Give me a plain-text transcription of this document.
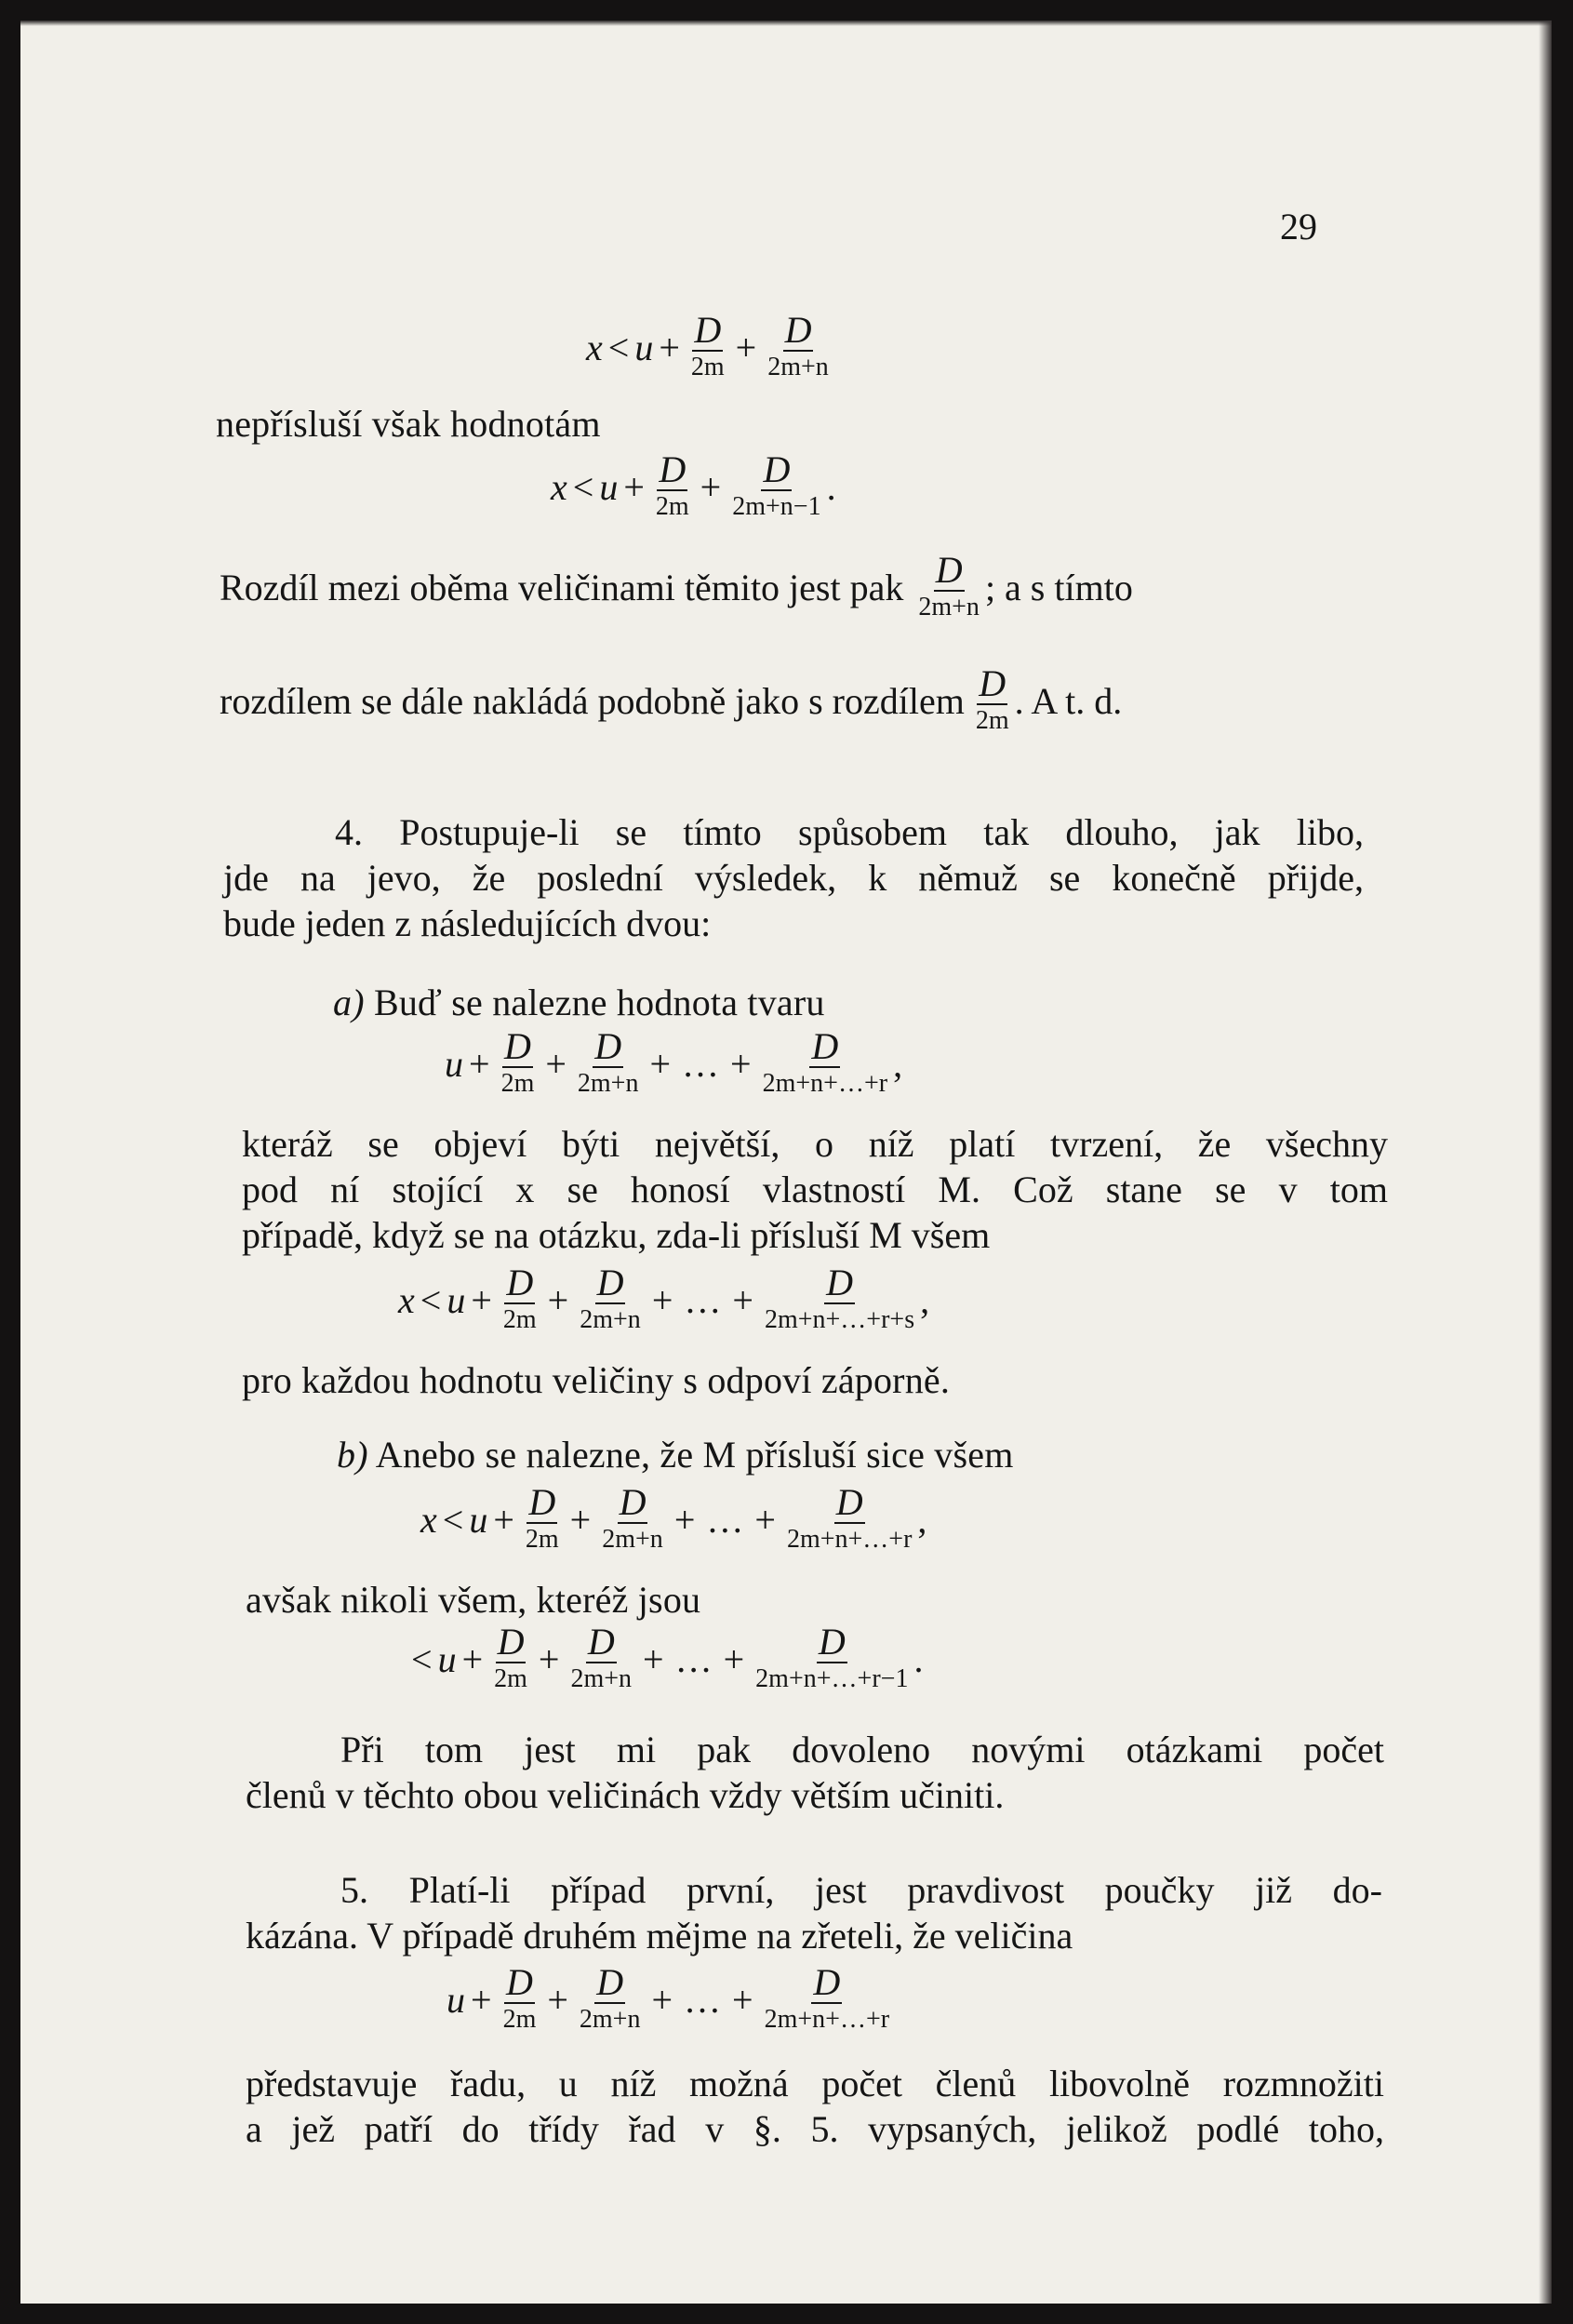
29
$x < u + \frac{D}{2m} + \frac{D}{2m+n}$
nepřísluší však hodnotám
$x < u + \frac{D}{2m} + \frac{D}{2m+n-1}$ .
Rozdíl mezi oběma veličinami těmito jest pak $\frac{D}{2m+n}$ ; a s tímto
rozdílem se dále nakládá podobně jako s rozdílem $\frac{D}{2m}$ . A t. d.
4. Postupuje-li se tímto spůsobem tak dlouho, jak libo,
jde na jevo, že poslední výsledek, k němuž se konečně přijde,
bude jeden z následujících dvou:
a) Buď se nalezne hodnota tvaru
$u + \frac{D}{2m} + \frac{D}{2m+n}$ + … + $\frac{D}{2m+n+\dots+r}$ ,
kteráž se objeví býti největší, o níž platí tvrzení, že všechny
pod ní stojící x se honosí vlastností M. Což stane se v tom
případě, když se na otázku, zda-li přísluší M všem
$x < u + \frac{D}{2m} + \frac{D}{2m+n}$ + … + $\frac{D}{2m+n+\dots+r+s}$ ,
pro každou hodnotu veličiny s odpoví záporně.
b) Anebo se nalezne, že M přísluší sice všem
$x < u + \frac{D}{2m} + \frac{D}{2m+n}$ + … + $\frac{D}{2m+n+\dots+r}$ ,
avšak nikoli všem, kteréž jsou
< $u + \frac{D}{2m} + \frac{D}{2m+n}$ + … + $\frac{D}{2m+n+\dots+r-1}$ .
Při tom jest mi pak dovoleno novými otázkami počet
členů v těchto obou veličinách vždy větším učiniti.
5. Platí-li případ první, jest pravdivost poučky již do-
kázána. V případě druhém mějme na zřeteli, že veličina
$u + \frac{D}{2m} + \frac{D}{2m+n}$ + … + $\frac{D}{2m+n+\dots+r}$
představuje řadu, u níž možná počet členů libovolně rozmnožiti
a jež patří do třídy řad v §. 5. vypsaných, jelikož podlé toho,
